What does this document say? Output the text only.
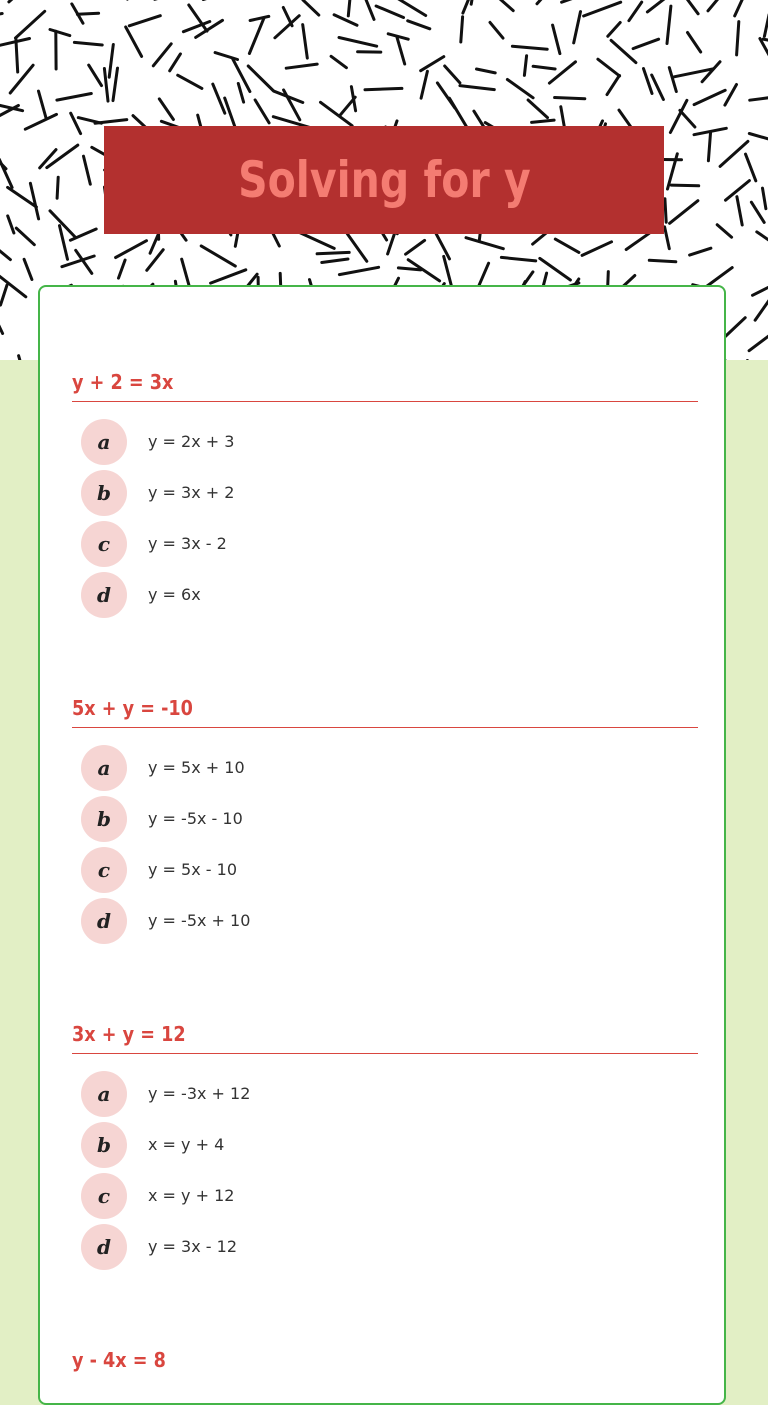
Solving for y
y + 2 = 3x
a	y = 2x + 3
b	y = 3x + 2
c	y = 3x - 2
d	y = 6x
5x + y = -10
a	y = 5x + 10
b	y = -5x - 10
c	y = 5x - 10
d	y = -5x + 10
3x + y = 12
a	y = -3x + 12
b	x = y + 4
c	x = y + 12
d	y = 3x - 12
y - 4x = 8
